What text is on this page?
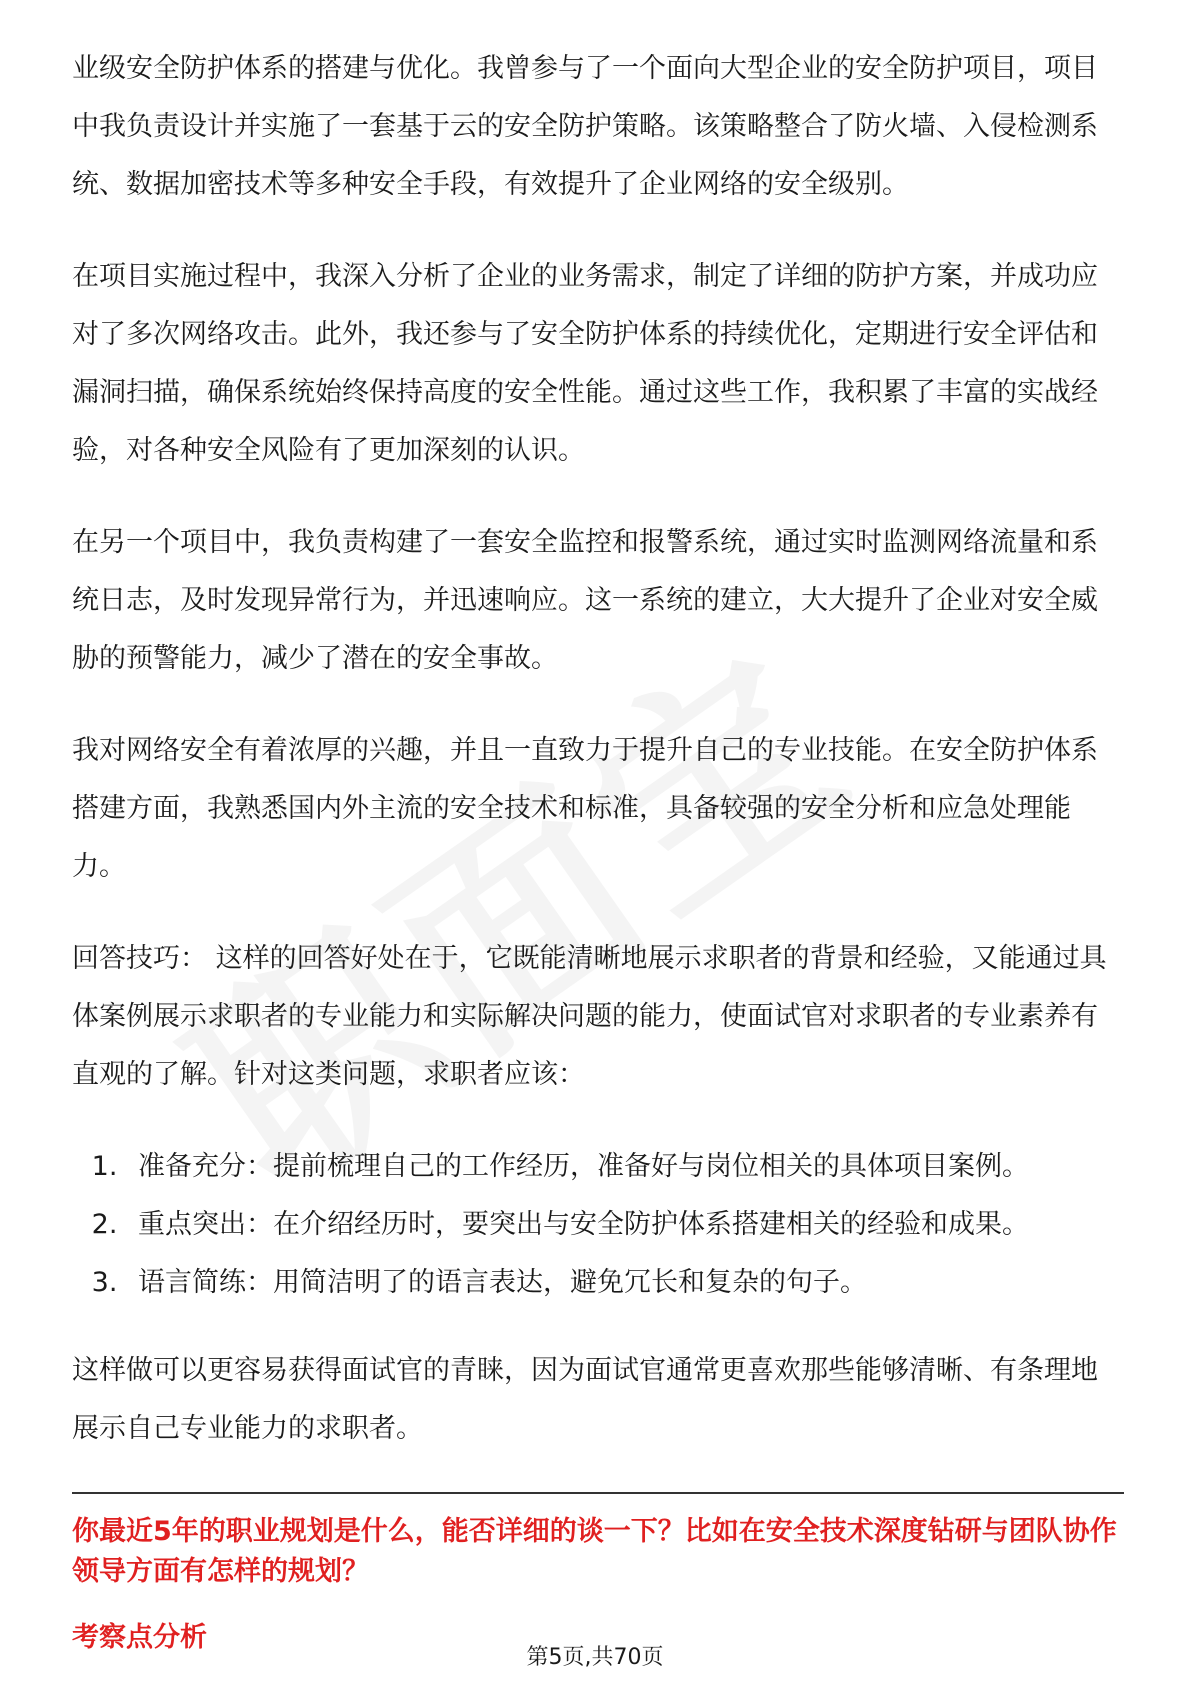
业级安全防护体系的搭建与优化。我曾参与了一个面向大型企业的安全防护项目，项目中我负责设计并实施了一套基于云的安全防护策略。该策略整合了防火墙、入侵检测系统、数据加密技术等多种安全手段，有效提升了企业网络的安全级别。

在项目实施过程中，我深入分析了企业的业务需求，制定了详细的防护方案，并成功应对了多次网络攻击。此外，我还参与了安全防护体系的持续优化，定期进行安全评估和漏洞扫描，确保系统始终保持高度的安全性能。通过这些工作，我积累了丰富的实战经验，对各种安全风险有了更加深刻的认识。

在另一个项目中，我负责构建了一套安全监控和报警系统，通过实时监测网络流量和系统日志，及时发现异常行为，并迅速响应。这一系统的建立，大大提升了企业对安全威胁的预警能力，减少了潜在的安全事故。

我对网络安全有着浓厚的兴趣，并且一直致力于提升自己的专业技能。在安全防护体系搭建方面，我熟悉国内外主流的安全技术和标准，具备较强的安全分析和应急处理能力。

回答技巧： 这样的回答好处在于，它既能清晰地展示求职者的背景和经验，又能通过具体案例展示求职者的专业能力和实际解决问题的能力，使面试官对求职者的专业素养有直观的了解。针对这类问题，求职者应该：

1. 准备充分：提前梳理自己的工作经历，准备好与岗位相关的具体项目案例。
2. 重点突出：在介绍经历时，要突出与安全防护体系搭建相关的经验和成果。
3. 语言简练：用简洁明了的语言表达，避免冗长和复杂的句子。

这样做可以更容易获得面试官的青睐，因为面试官通常更喜欢那些能够清晰、有条理地展示自己专业能力的求职者。

你最近5年的职业规划是什么，能否详细的谈一下？比如在安全技术深度钻研与团队协作领导方面有怎样的规划？
考察点分析
第5页,共70页
